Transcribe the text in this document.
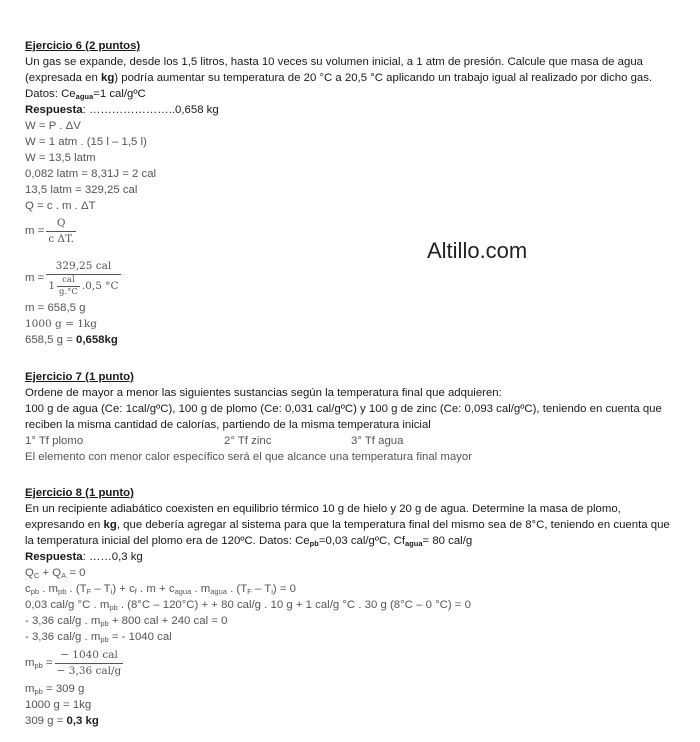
Altillo.com
Ejercicio 6 (2 puntos)
Un gas se expande, desde los 1,5 litros, hasta 10 veces su volumen inicial, a 1 atm de presión. Calcule que masa de agua (expresada en kg) podría aumentar su temperatura de 20 °C a 20,5 °C aplicando un trabajo igual al realizado por dicho gas. Datos: $Ce_{agua}=1$ cal/gºC
Respuesta: …………………..0,658 kg
W = P . ΔV
W = 1 atm . (15 l – 1,5 l)
W = 13,5 latm
0,082 latm = 8,31J = 2 cal
13,5 latm = 329,25 cal
Q = c . m . ΔT
$m = \frac{Q}{\text{c ΔT.}}$
$m = \frac{\text{329,25 cal}}{1 \frac{\text{cal}}{g.^\circ C} .0,5 ^\circ C}$
m = 658,5 g
1000 g = 1kg
658,5 g = 0,658kg
Ejercicio 7 (1 punto)
Ordene de mayor a menor las siguientes sustancias según la temperatura final que adquieren:
100 g de agua (Ce: 1cal/gºC), 100 g de plomo (Ce: 0,031 cal/gºC) y 100 g de zinc (Ce: 0,093 cal/gºC), teniendo en cuenta que reciben la misma cantidad de calorías, partiendo de la misma temperatura inicial
1° Tf plomo	2° Tf zinc	3° Tf agua
El elemento con menor calor específico será el que alcance una temperatura final mayor
Ejercicio 8 (1 punto)
En un recipiente adiabático coexisten en equilibrio térmico 10 g de hielo y 20 g de agua. Determine la masa de plomo, expresando en kg, que debería agregar al sistema para que la temperatura final del mismo sea de 8°C, teniendo en cuenta que la temperatura inicial del plomo era de 120ºC. Datos: $Ce_{pb}=0,03$ cal/gºC, $Cf_{agua}= 80$ cal/g
Respuesta: ……0,3 kg
$Q_C + Q_A = 0$
$c_{pb}$ . $m_{pb}$ . $(T_F - T_i) + c_f$ . $m + c_{agua}$ . $m_{agua}$ . $(T_F - T_i) = 0$
0,03 cal/g °C . $m_{pb}$ . (8°C – 120°C) + + 80 cal/g . 10 g + 1 cal/g °C . 30 g (8°C – 0 °C) = 0
- 3,36 cal/g . $m_{pb} + 800$ cal + 240 cal = 0
- 3,36 cal/g . $m_{pb}$ = - 1040 cal
$m_{pb} = \frac{\text{− 1040 cal}}{\text{− 3,36 cal/g}}$
$m_{pb} = 309$ g
1000 g = 1kg
309 g = 0,3 kg
